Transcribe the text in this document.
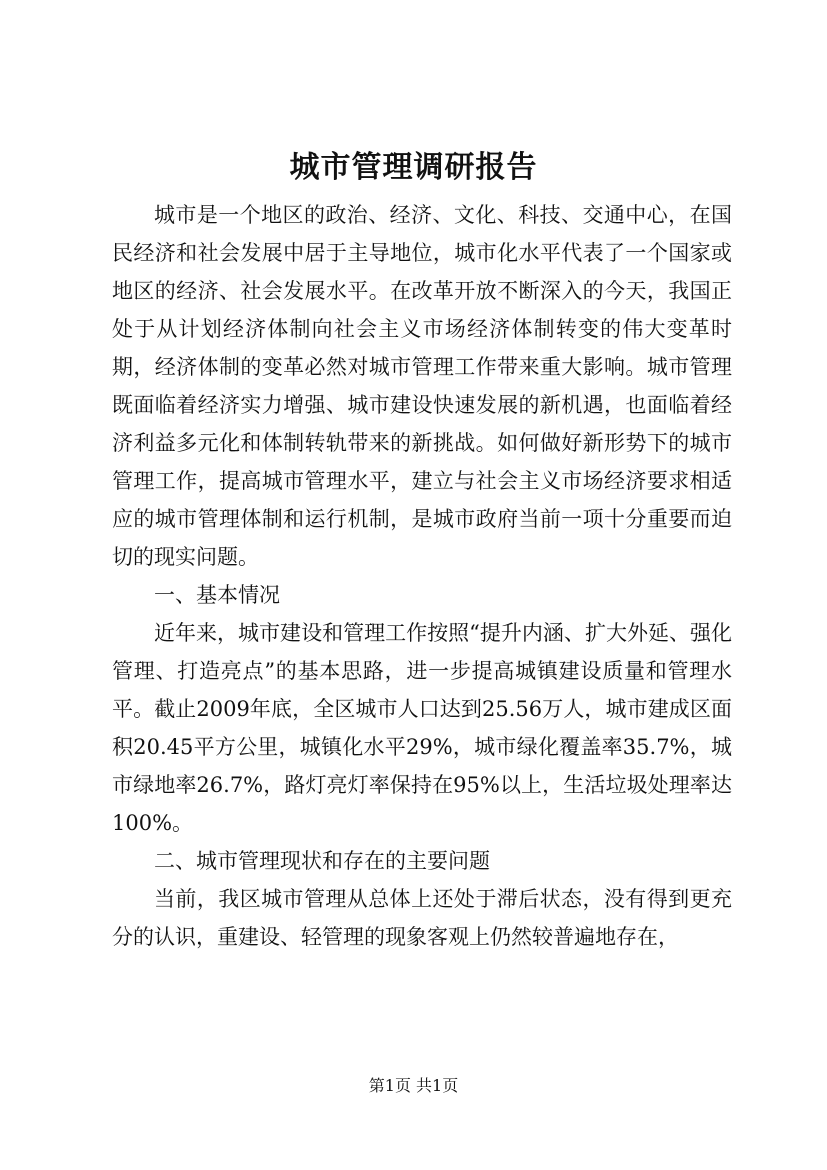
城市管理调研报告

城市是一个地区的政治、经济、文化、科技、交通中心，在国民经济和社会发展中居于主导地位，城市化水平代表了一个国家或地区的经济、社会发展水平。在改革开放不断深入的今天，我国正处于从计划经济体制向社会主义市场经济体制转变的伟大变革时期，经济体制的变革必然对城市管理工作带来重大影响。城市管理既面临着经济实力增强、城市建设快速发展的新机遇，也面临着经济利益多元化和体制转轨带来的新挑战。如何做好新形势下的城市管理工作，提高城市管理水平，建立与社会主义市场经济要求相适应的城市管理体制和运行机制，是城市政府当前一项十分重要而迫切的现实问题。

一、基本情况

近年来，城市建设和管理工作按照“提升内涵、扩大外延、强化管理、打造亮点”的基本思路，进一步提高城镇建设质量和管理水平。截止2009年底，全区城市人口达到25.56万人，城市建成区面积20.45平方公里，城镇化水平29%，城市绿化覆盖率35.7%，城市绿地率26.7%，路灯亮灯率保持在95%以上，生活垃圾处理率达100%。

二、城市管理现状和存在的主要问题

当前，我区城市管理从总体上还处于滞后状态，没有得到更充分的认识，重建设、轻管理的现象客观上仍然较普遍地存在，

第1页 共1页
